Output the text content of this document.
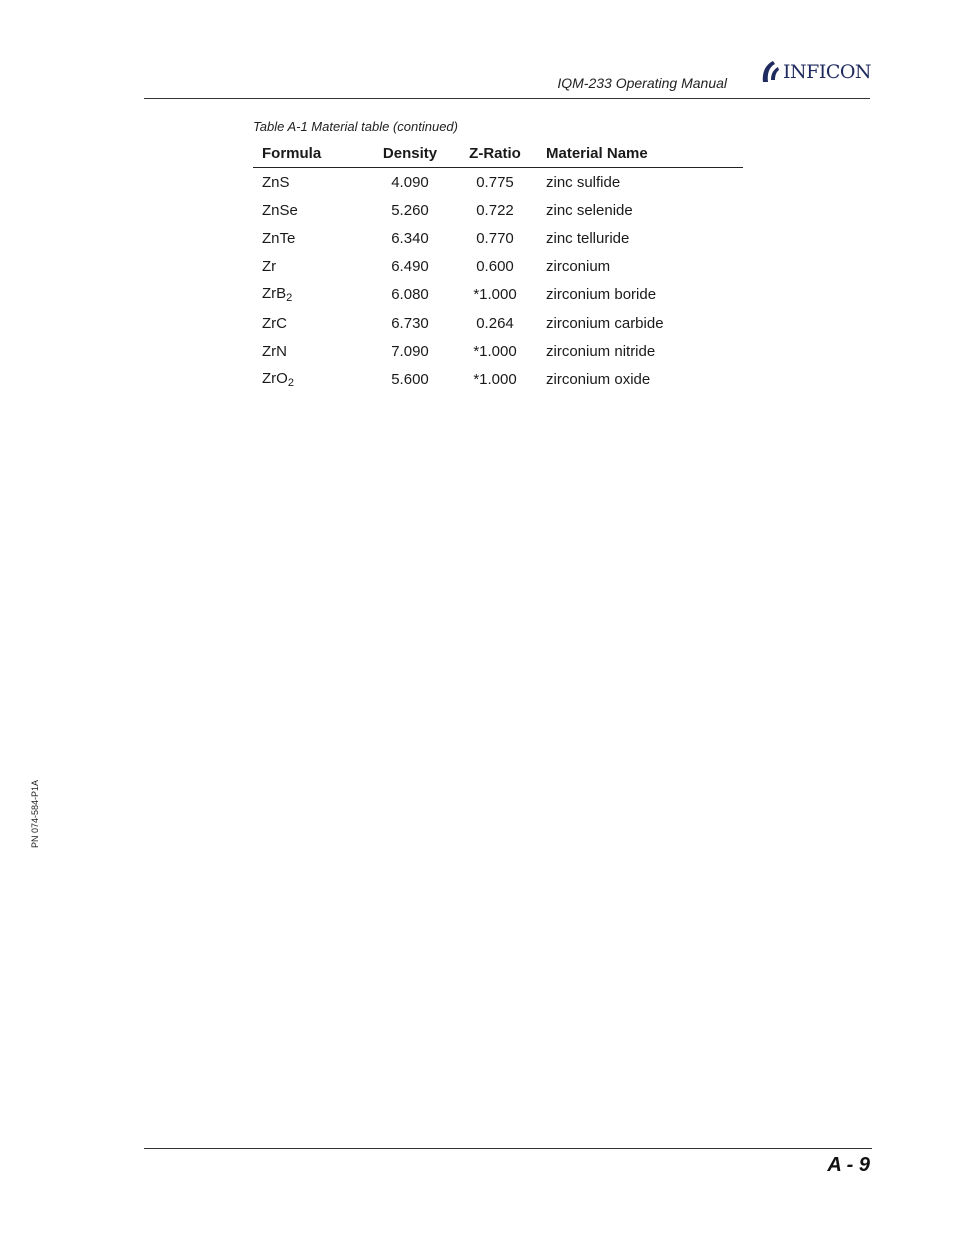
IQM-233 Operating Manual	INFICON
Table A-1 Material table (continued)
Formula	Density	Z-Ratio	Material Name
ZnS	4.090	0.775	zinc sulfide
ZnSe	5.260	0.722	zinc selenide
ZnTe	6.340	0.770	zinc telluride
Zr	6.490	0.600	zirconium
ZrB$_2$	6.080	*1.000	zirconium boride
ZrC	6.730	0.264	zirconium carbide
ZrN	7.090	*1.000	zirconium nitride
ZrO$_2$	5.600	*1.000	zirconium oxide
A - 9
PN 074-584-P1A
